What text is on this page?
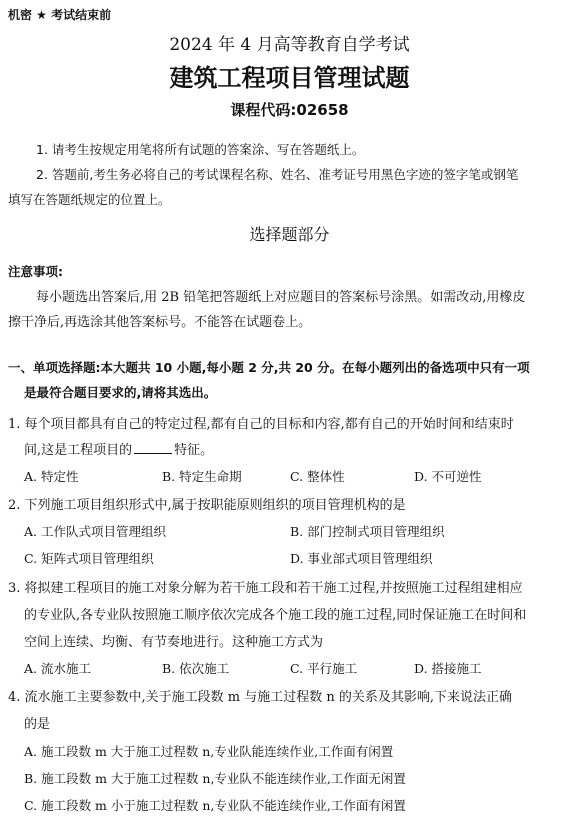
机密 ★ 考试结束前
2024 年 4 月高等教育自学考试
建筑工程项目管理试题
课程代码:02658
1. 请考生按规定用笔将所有试题的答案涂、写在答题纸上。
2. 答题前,考生务必将自己的考试课程名称、姓名、准考证号用黑色字迹的签字笔或钢笔
填写在答题纸规定的位置上。
选择题部分
注意事项:
每小题选出答案后,用 2B 铅笔把答题纸上对应题目的答案标号涂黑。如需改动,用橡皮
擦干净后,再选涂其他答案标号。不能答在试题卷上。
一、单项选择题:本大题共 10 小题,每小题 2 分,共 20 分。在每小题列出的备选项中只有一项
是最符合题目要求的,请将其选出。
1. 每个项目都具有自己的特定过程,都有自己的目标和内容,都有自己的开始时间和结束时
间,这是工程项目的	特征。
A. 特定性	B. 特定生命期	C. 整体性	D. 不可逆性
2. 下列施工项目组织形式中,属于按职能原则组织的项目管理机构的是
A. 工作队式项目管理组织	B. 部门控制式项目管理组织
C. 矩阵式项目管理组织	D. 事业部式项目管理组织
3. 将拟建工程项目的施工对象分解为若干施工段和若干施工过程,并按照施工过程组建相应
的专业队,各专业队按照施工顺序依次完成各个施工段的施工过程,同时保证施工在时间和
空间上连续、均衡、有节奏地进行。这种施工方式为
A. 流水施工	B. 依次施工	C. 平行施工	D. 搭接施工
4. 流水施工主要参数中,关于施工段数 m 与施工过程数 n 的关系及其影响,下来说法正确
的是
A. 施工段数 m 大于施工过程数 n,专业队能连续作业,工作面有闲置
B. 施工段数 m 大于施工过程数 n,专业队不能连续作业,工作面无闲置
C. 施工段数 m 小于施工过程数 n,专业队不能连续作业,工作面有闲置
